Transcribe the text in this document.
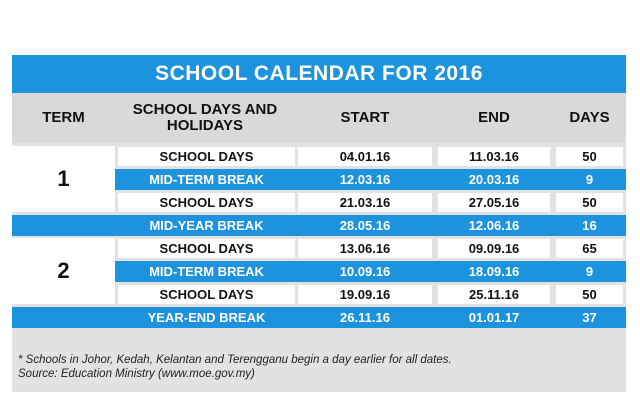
SCHOOL CALENDAR FOR 2016
TERM	SCHOOL DAYS AND HOLIDAYS	START	END	DAYS
1
SCHOOL DAYS	04.01.16	11.03.16	50
MID-TERM BREAK	12.03.16	20.03.16	9
SCHOOL DAYS	21.03.16	27.05.16	50
MID-YEAR BREAK	28.05.16	12.06.16	16
2
SCHOOL DAYS	13.06.16	09.09.16	65
MID-TERM BREAK	10.09.16	18.09.16	9
SCHOOL DAYS	19.09.16	25.11.16	50
YEAR-END BREAK	26.11.16	01.01.17	37
* Schools in Johor, Kedah, Kelantan and Terengganu begin a day earlier for all dates.
Source: Education Ministry (www.moe.gov.my)
